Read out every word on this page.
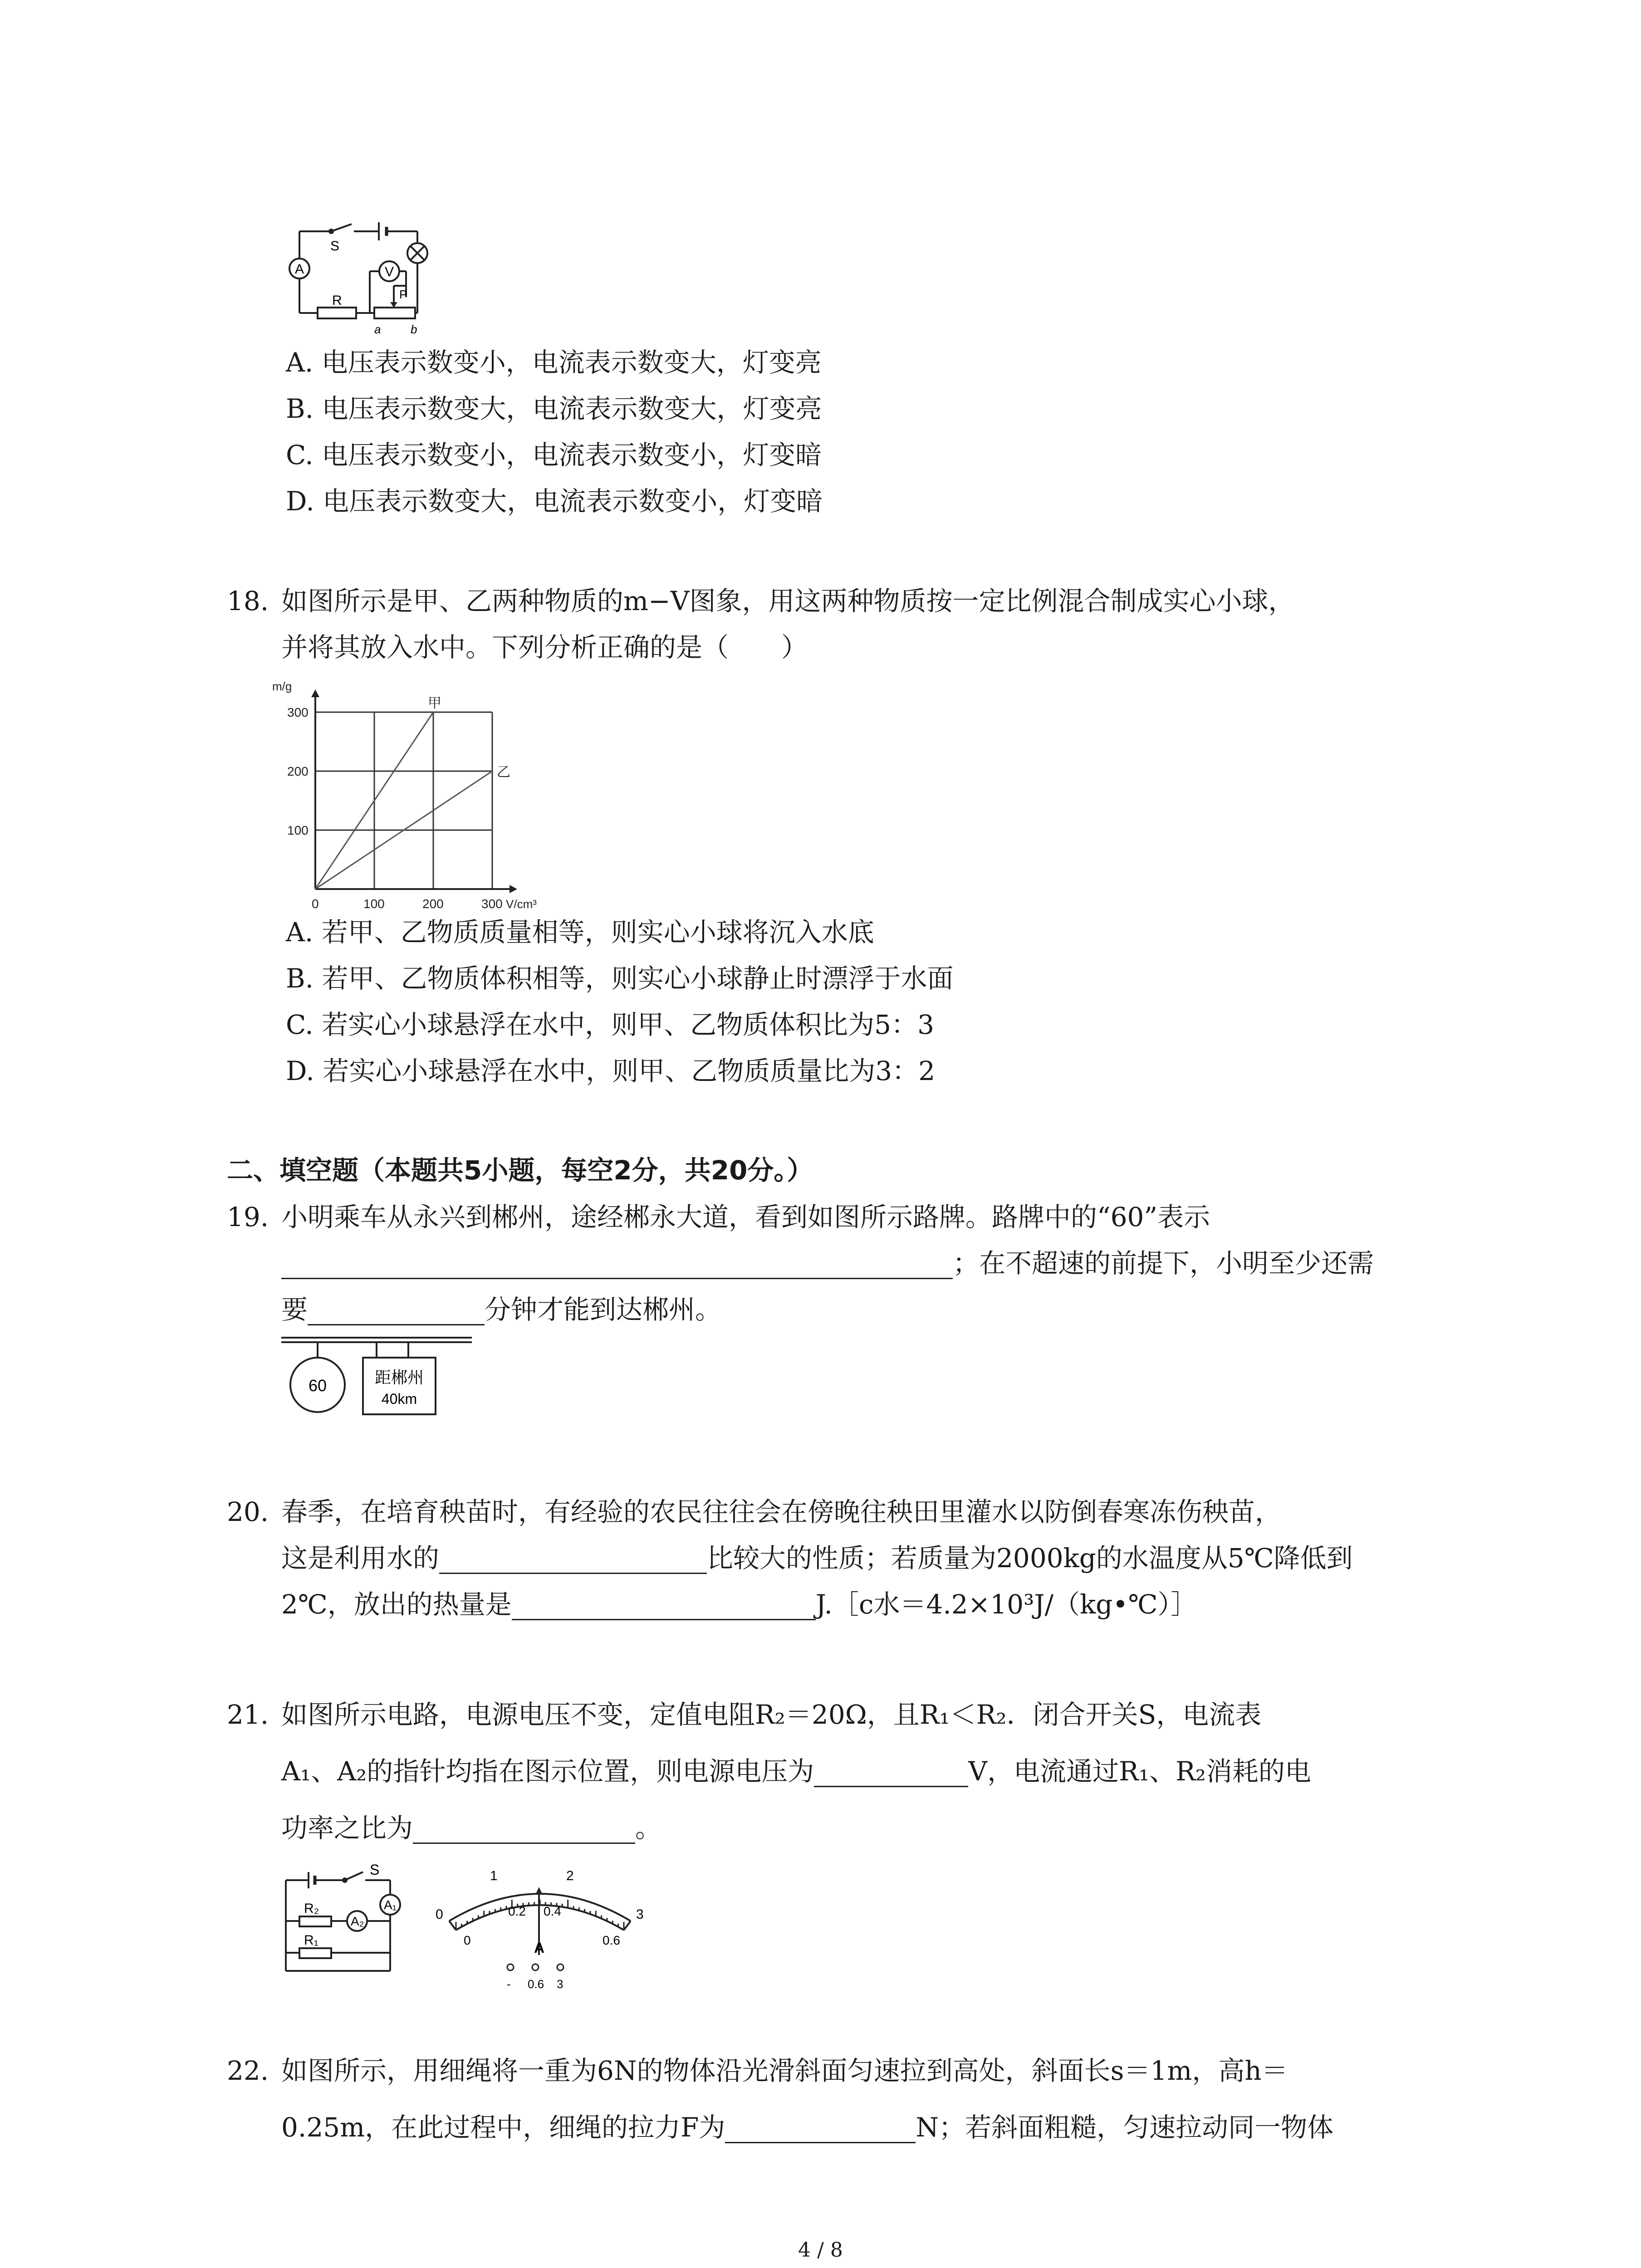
S
A	V
R	P
a	b
A. 电压表示数变小，电流表示数变大，灯变亮
B. 电压表示数变大，电流表示数变大，灯变亮
C. 电压表示数变小，电流表示数变小，灯变暗
D. 电压表示数变大，电流表示数变小，灯变暗
18. 如图所示是甲、乙两种物质的m−V图象，用这两种物质按一定比例混合制成实心小球，
并将其放入水中。下列分析正确的是（　　）
甲
乙
0	100	200	300
100
200
300
V/cm³
m/g
A. 若甲、乙物质质量相等，则实心小球将沉入水底
B. 若甲、乙物质体积相等，则实心小球静止时漂浮于水面
C. 若实心小球悬浮在水中，则甲、乙物质体积比为5：3
D. 若实心小球悬浮在水中，则甲、乙物质质量比为3：2
二、填空题（本题共5小题，每空2分，共20分。）
19. 小明乘车从永兴到郴州，途经郴永大道，看到如图所示路牌。路牌中的“60”表示
；在不超速的前提下，小明至少还需
要	分钟才能到达郴州。
60	距郴州
40km
20. 春季，在培育秧苗时，有经验的农民往往会在傍晚往秧田里灌水以防倒春寒冻伤秧苗，
这是利用水的	比较大的性质；若质量为2000kg的水温度从5℃降低到
2℃，放出的热量是	J.［c水＝4.2×10³J/（kg•℃）］
21. 如图所示电路，电源电压不变，定值电阻R₂＝20Ω，且R₁＜R₂．闭合开关S，电流表
A₁、A₂的指针均指在图示位置，则电源电压为	V，电流通过R₁、R₂消耗的电
功率之比为	。
S
R₂
R₁
A₁
A₂	0
1	2
3
0
0.2 0.4
0.6
A
- 0.6 3
22. 如图所示，用细绳将一重为6N的物体沿光滑斜面匀速拉到高处，斜面长s＝1m，高h＝
0.25m，在此过程中，细绳的拉力F为	N；若斜面粗糙，匀速拉动同一物体
4 / 8
